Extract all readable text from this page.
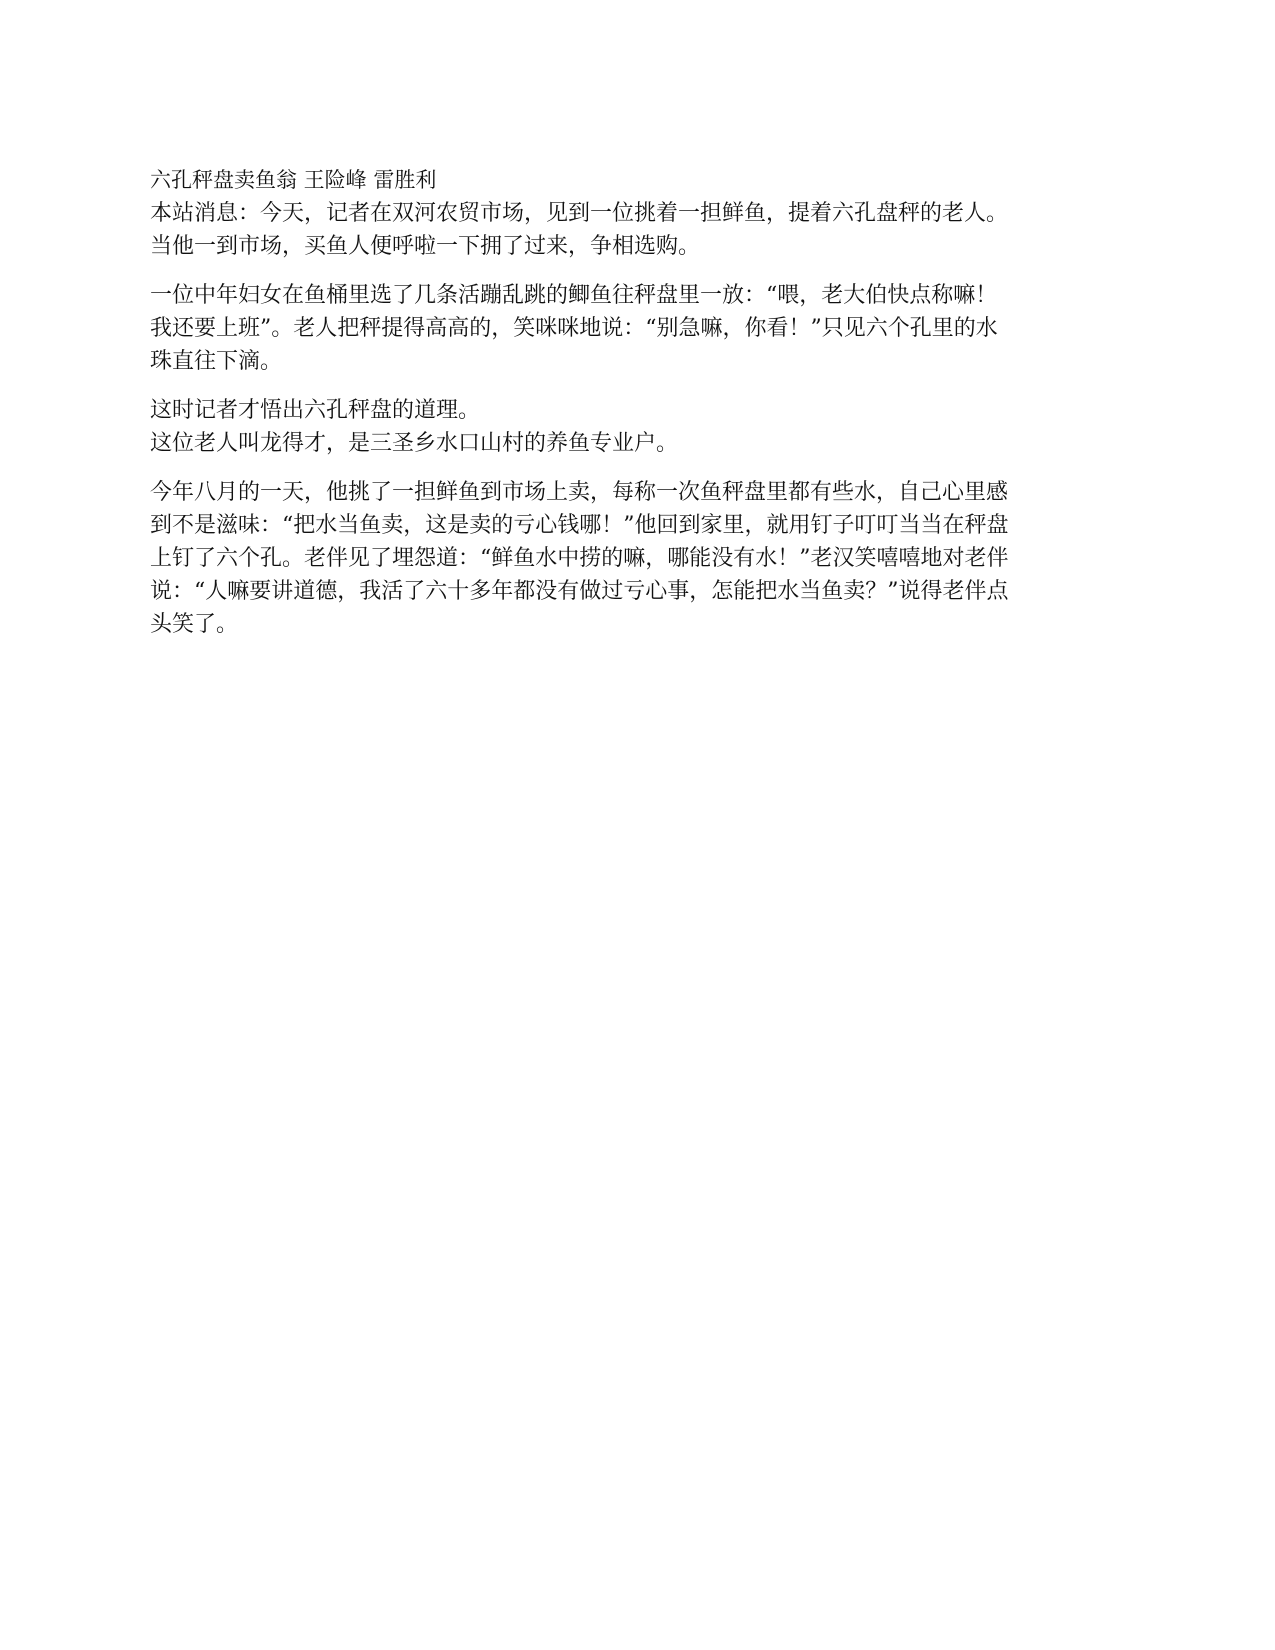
六孔秤盘卖鱼翁 王险峰 雷胜利
本站消息：今天，记者在双河农贸市场，见到一位挑着一担鲜鱼，提着六孔盘秤的老人。
当他一到市场，买鱼人便呼啦一下拥了过来，争相选购。
一位中年妇女在鱼桶里选了几条活蹦乱跳的鲫鱼往秤盘里一放：“喂，老大伯快点称嘛！
我还要上班”。老人把秤提得高高的，笑咪咪地说：“别急嘛，你看！”只见六个孔里的水
珠直往下滴。
这时记者才悟出六孔秤盘的道理。
这位老人叫龙得才，是三圣乡水口山村的养鱼专业户。
今年八月的一天，他挑了一担鲜鱼到市场上卖，每称一次鱼秤盘里都有些水，自己心里感
到不是滋味：“把水当鱼卖，这是卖的亏心钱哪！”他回到家里，就用钉子叮叮当当在秤盘
上钉了六个孔。老伴见了埋怨道：“鲜鱼水中捞的嘛，哪能没有水！”老汉笑嘻嘻地对老伴
说：“人嘛要讲道德，我活了六十多年都没有做过亏心事，怎能把水当鱼卖？”说得老伴点
头笑了。
